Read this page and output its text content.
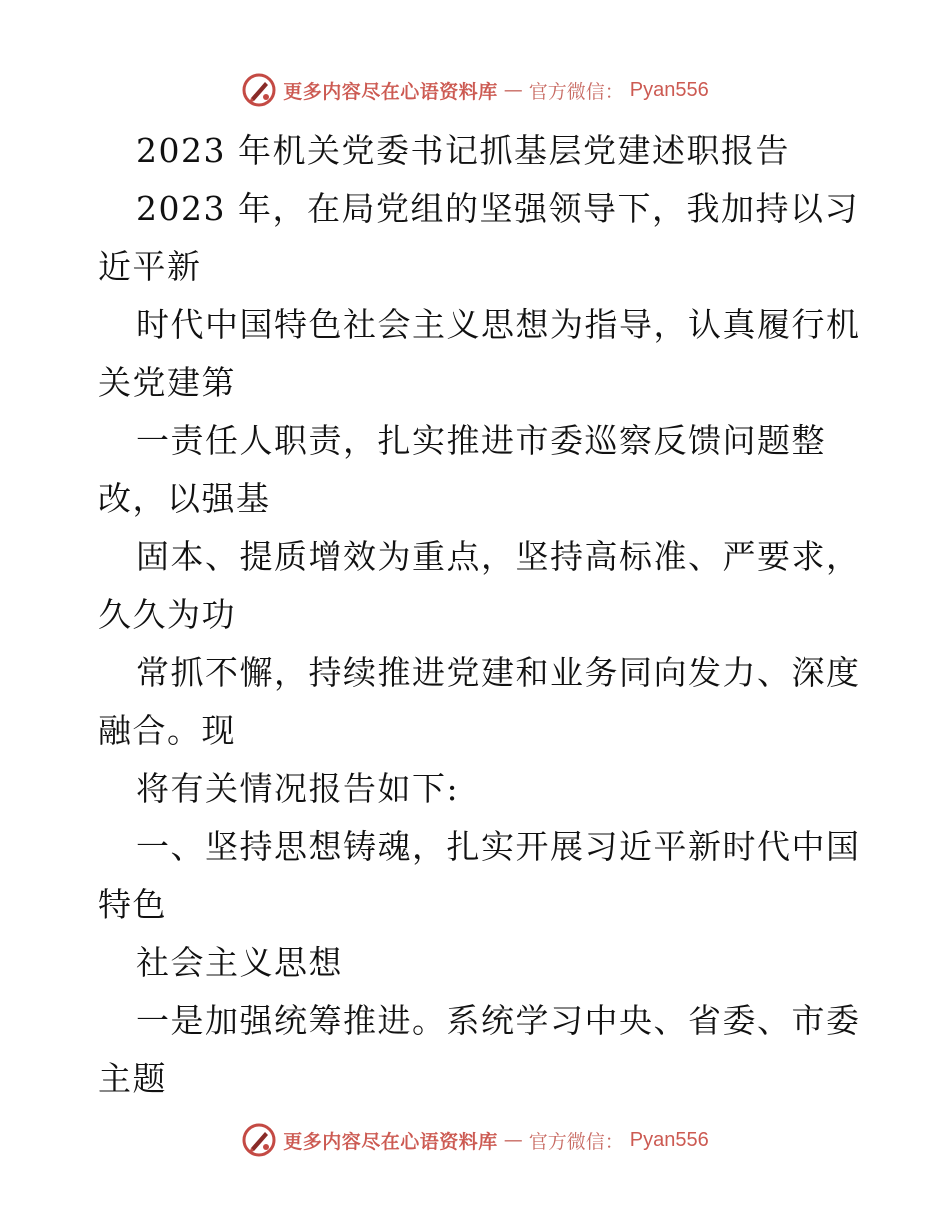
更多内容尽在心语资料库 — 官方微信： Pyan556
2023 年机关党委书记抓基层党建述职报告
2023 年，在局党组的坚强领导下，我加持以习
近平新
时代中国特色社会主义思想为指导，认真履行机
关党建第
一责任人职责，扎实推进市委巡察反馈问题整
改，以强基
固本、提质增效为重点，坚持高标准、严要求，
久久为功
常抓不懈，持续推进党建和业务同向发力、深度
融合。现
将有关情况报告如下:
一、坚持思想铸魂，扎实开展习近平新时代中国
特色
社会主义思想
一是加强统筹推进。系统学习中央、省委、市委
主题
更多内容尽在心语资料库 — 官方微信： Pyan556
